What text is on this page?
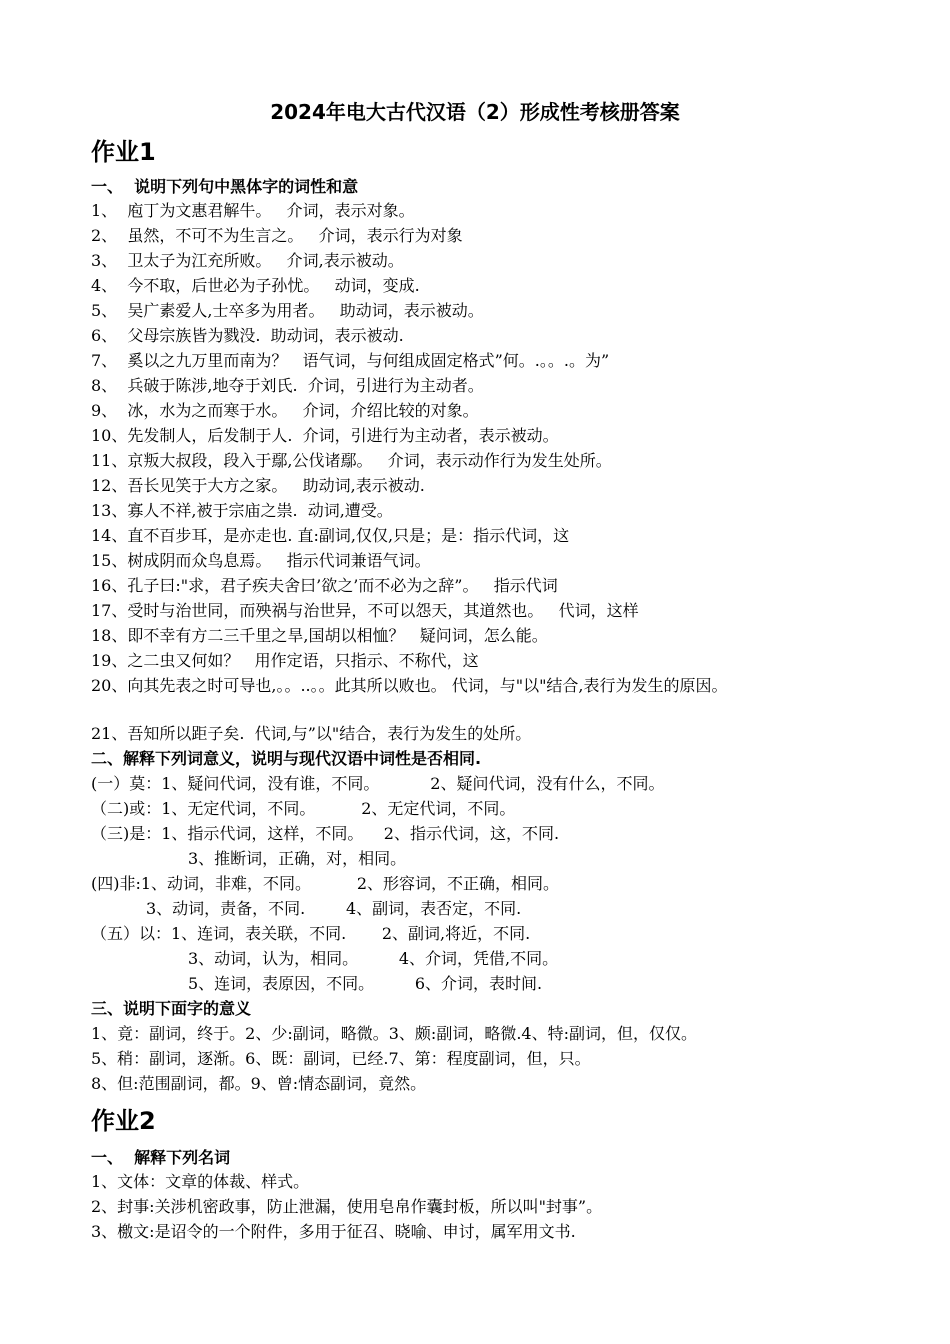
2024年电大古代汉语（2）形成性考核册答案
作业1
一、  说明下列句中黑体字的词性和意
1、  庖丁为文惠君解牛。   介词，表示对象。
2、  虽然，不可不为生言之。   介词，表示行为对象
3、  卫太子为江充所败。   介词,表示被动。
4、  今不取，后世必为子孙忧。   动词，变成.
5、  吴广素爱人,士卒多为用者。   助动词，表示被动。
6、  父母宗族皆为戮没.  助动词，表示被动.
7、  奚以之九万里而南为？   语气词，与何组成固定格式”何。.。。.。为”
8、  兵破于陈涉,地夺于刘氏.  介词，引进行为主动者。
9、  冰，水为之而寒于水。   介词，介绍比较的对象。
10、先发制人，后发制于人.  介词，引进行为主动者，表示被动。
11、京叛大叔段，段入于鄢,公伐诸鄢。   介词，表示动作行为发生处所。
12、吾长见笑于大方之家。   助动词,表示被动.
13、寡人不祥,被于宗庙之祟.  动词,遭受。
14、直不百步耳，是亦走也. 直:副词,仅仅,只是；是：指示代词，这
15、树成阴而众鸟息焉。   指示代词兼语气词。
16、孔子曰:"求，君子疾夫舍曰’欲之’而不必为之辞”。   指示代词
17、受时与治世同，而殃祸与治世异，不可以怨天，其道然也。   代词，这样
18、即不幸有方二三千里之旱,国胡以相恤？   疑问词，怎么能。
19、之二虫又何如？   用作定语，只指示、不称代，这
20、向其先表之时可导也,。。..。。此其所以败也。 代词，与"以"结合,表行为发生的原因。
21、吾知所以距子矣.  代词,与”以"结合，表行为发生的处所。
二、解释下列词意义，说明与现代汉语中词性是否相同.
(一）莫：1、疑问代词，没有谁，不同。          2、疑问代词，没有什么，不同。
（二)或：1、无定代词，不同。         2、无定代词，不同。
（三)是：1、指示代词，这样，不同。    2、指示代词，这，不同.
3、推断词，正确，对，相同。
(四)非:1、动词，非难，不同。         2、形容词，不正确，相同。
3、动词，责备，不同.        4、副词，表否定，不同.
（五）以：1、连词，表关联，不同.       2、副词,将近，不同.
3、动词，认为，相同。        4、介词，凭借,不同。
5、连词，表原因，不同。        6、介词，表时间.
三、说明下面字的意义
1、竟：副词，终于。2、少:副词，略微。3、颇:副词，略微.4、特:副词，但，仅仅。
5、稍：副词，逐渐。6、既：副词，已经.7、第：程度副词，但，只。
8、但:范围副词，都。9、曾:情态副词，竟然。
作业2
一、  解释下列名词
1、文体：文章的体裁、样式。
2、封事:关涉机密政事，防止泄漏，使用皂帛作囊封板，所以叫"封事”。
3、檄文:是诏令的一个附件，多用于征召、晓喻、申讨，属军用文书.
